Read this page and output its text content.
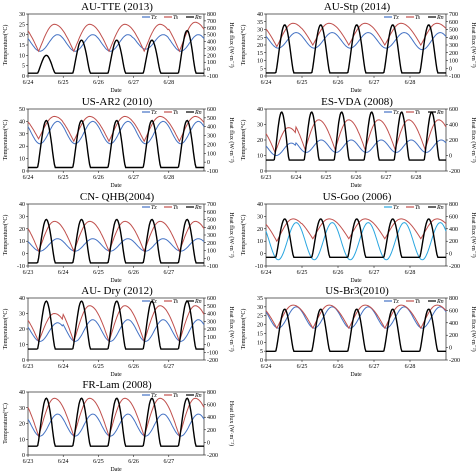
AU-TTE (2013)
0
5
10
15
20
25
30
-100
0
100
200
300
400
500
600
700
800
6/24	6/25	6/26	6/27	6/28
Date
Temperature(°C)	Heat flux (W·m⁻²)
Tz	Ts	Rn
AU-Stp (2014)
0
5
10
15
20
25
30
35
40
-100
0
100
200
300
400
500
600
700
6/24	6/25	6/26	6/27	6/28
Date
Temperature(°C)	Heat flux (W·m⁻²)
Tz	Ts	Rn
US-AR2 (2010)
0
10
20
30
40
50
-100
0
100
200
300
400
500
600
6/24	6/25	6/26	6/27	6/28
Date
Temperature(°C)	Heat flux (W·m⁻²)
Tz	Ts	Rn
ES-VDA (2008)
0
10
20
30
40
-200
0
200
400
600
6/23	6/24	6/25	6/26	6/27	6/28
Date
Temperature(°C)	Heat flux (W·m⁻²)
Tz	Ts	Rn
CN- QHB(2004)
-10
0
10
20
30
40
-100
0
100
200
300
400
500
600
700
6/23	6/24	6/25	6/26	6/27
Date
Temperature(°C)	Heat flux (W·m⁻²)
Tz	Ts	Rn
US-Goo (2006)
-10
0
10
20
30
40
-200
0
200
400
600
800
6/24	6/25	6/26	6/27	6/28
Date
Temperature(°C)	Heat flux (W·m⁻²)
Tz	Ts	Rn
AU- Dry (2012)
0
10
20
30
40
-200
-100
0
100
200
300
400
500
600
6/23	6/24	6/25	6/26	6/27
Date
Temperature(°C)	Heat flux (W·m⁻²)
Tz	Ts	Rn
US-Br3(2010)
0
5
10
15
20
25
30
35
-200
0
200
400
600
800
6/24	6/25	6/26	6/27	6/28
Date
Temperature(°C)	Heat flux (W·m⁻²)
Tz	Ts	Rn
FR-Lam (2008)
0
10
20
30
40
-200
0
200
400
600
800
6/23	6/24	6/25	6/26	6/27
Date
Temperature(°C)	Heat flux (W·m⁻²)
Tz	Ts	Rn
